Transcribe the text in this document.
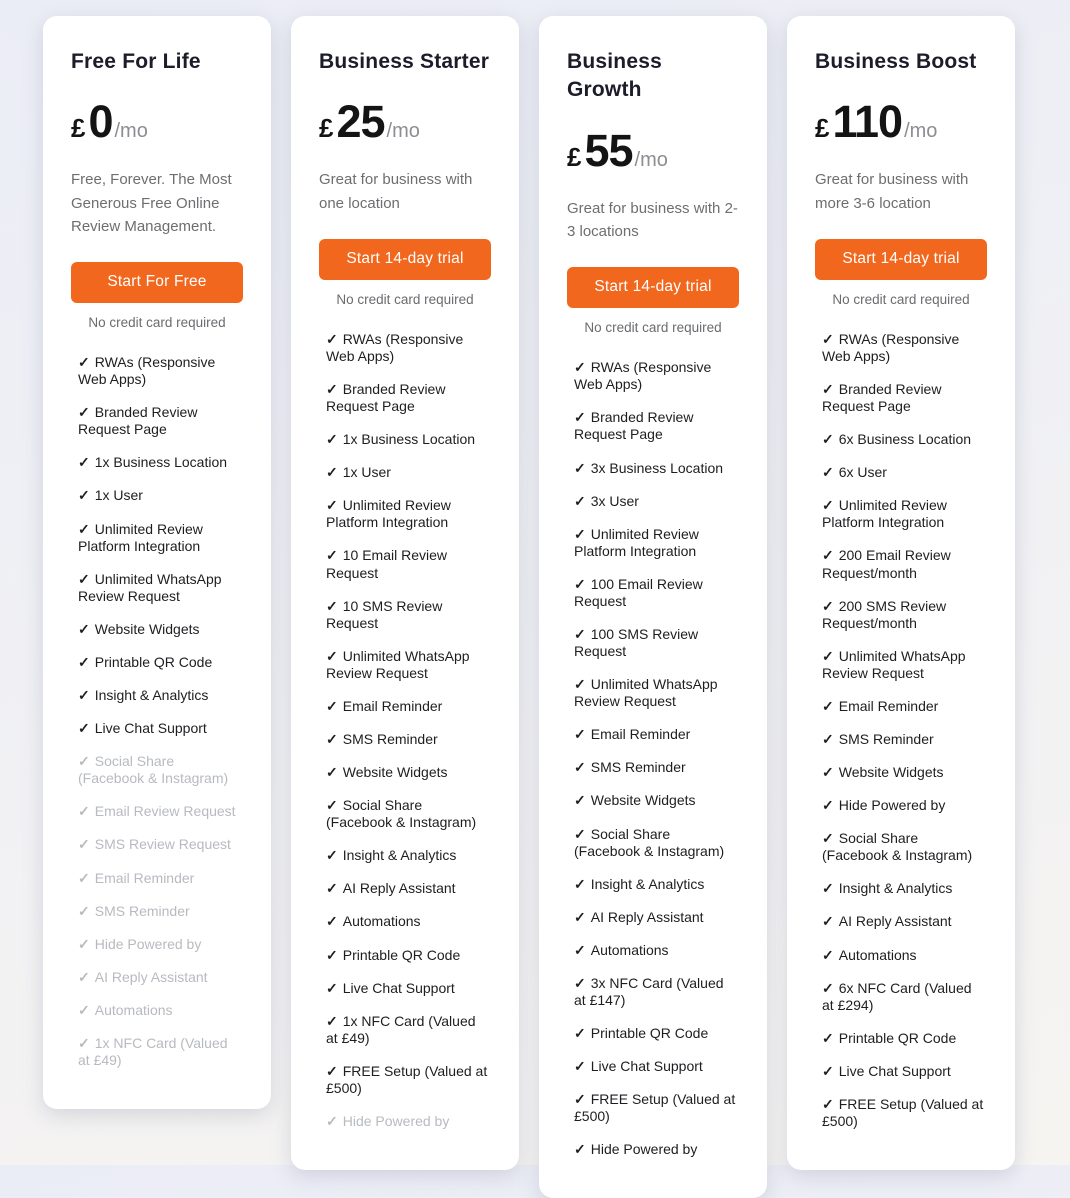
Free For Life
£ 0 /mo

Free, Forever. The Most Generous Free Online Review Management.

Start For Free
No credit card required
✓ RWAs (Responsive Web Apps)
✓ Branded Review Request Page
✓ 1x Business Location
✓ 1x User
✓ Unlimited Review Platform Integration
✓ Unlimited WhatsApp Review Request
✓ Website Widgets
✓ Printable QR Code
✓ Insight & Analytics
✓ Live Chat Support
✓ Social Share (Facebook & Instagram)
✓ Email Review Request
✓ SMS Review Request
✓ Email Reminder
✓ SMS Reminder
✓ Hide Powered by
✓ AI Reply Assistant
✓ Automations
✓ 1x NFC Card (Valued at £49)
Business Starter
£ 25 /mo

Great for business with one location

Start 14-day trial
No credit card required
✓ RWAs (Responsive Web Apps)
✓ Branded Review Request Page
✓ 1x Business Location
✓ 1x User
✓ Unlimited Review Platform Integration
✓ 10 Email Review Request
✓ 10 SMS Review Request
✓ Unlimited WhatsApp Review Request
✓ Email Reminder
✓ SMS Reminder
✓ Website Widgets
✓ Social Share (Facebook & Instagram)
✓ Insight & Analytics
✓ AI Reply Assistant
✓ Automations
✓ Printable QR Code
✓ Live Chat Support
✓ 1x NFC Card (Valued at £49)
✓ FREE Setup (Valued at £500)
✓ Hide Powered by
Business Growth
£ 55 /mo

Great for business with 2-3 locations

Start 14-day trial
No credit card required
✓ RWAs (Responsive Web Apps)
✓ Branded Review Request Page
✓ 3x Business Location
✓ 3x User
✓ Unlimited Review Platform Integration
✓ 100 Email Review Request
✓ 100 SMS Review Request
✓ Unlimited WhatsApp Review Request
✓ Email Reminder
✓ SMS Reminder
✓ Website Widgets
✓ Social Share (Facebook & Instagram)
✓ Insight & Analytics
✓ AI Reply Assistant
✓ Automations
✓ 3x NFC Card (Valued at £147)
✓ Printable QR Code
✓ Live Chat Support
✓ FREE Setup (Valued at £500)
✓ Hide Powered by
Business Boost
£ 110 /mo

Great for business with more 3-6 location

Start 14-day trial
No credit card required
✓ RWAs (Responsive Web Apps)
✓ Branded Review Request Page
✓ 6x Business Location
✓ 6x User
✓ Unlimited Review Platform Integration
✓ 200 Email Review Request/month
✓ 200 SMS Review Request/month
✓ Unlimited WhatsApp Review Request
✓ Email Reminder
✓ SMS Reminder
✓ Website Widgets
✓ Hide Powered by
✓ Social Share (Facebook & Instagram)
✓ Insight & Analytics
✓ AI Reply Assistant
✓ Automations
✓ 6x NFC Card (Valued at £294)
✓ Printable QR Code
✓ Live Chat Support
✓ FREE Setup (Valued at £500)
